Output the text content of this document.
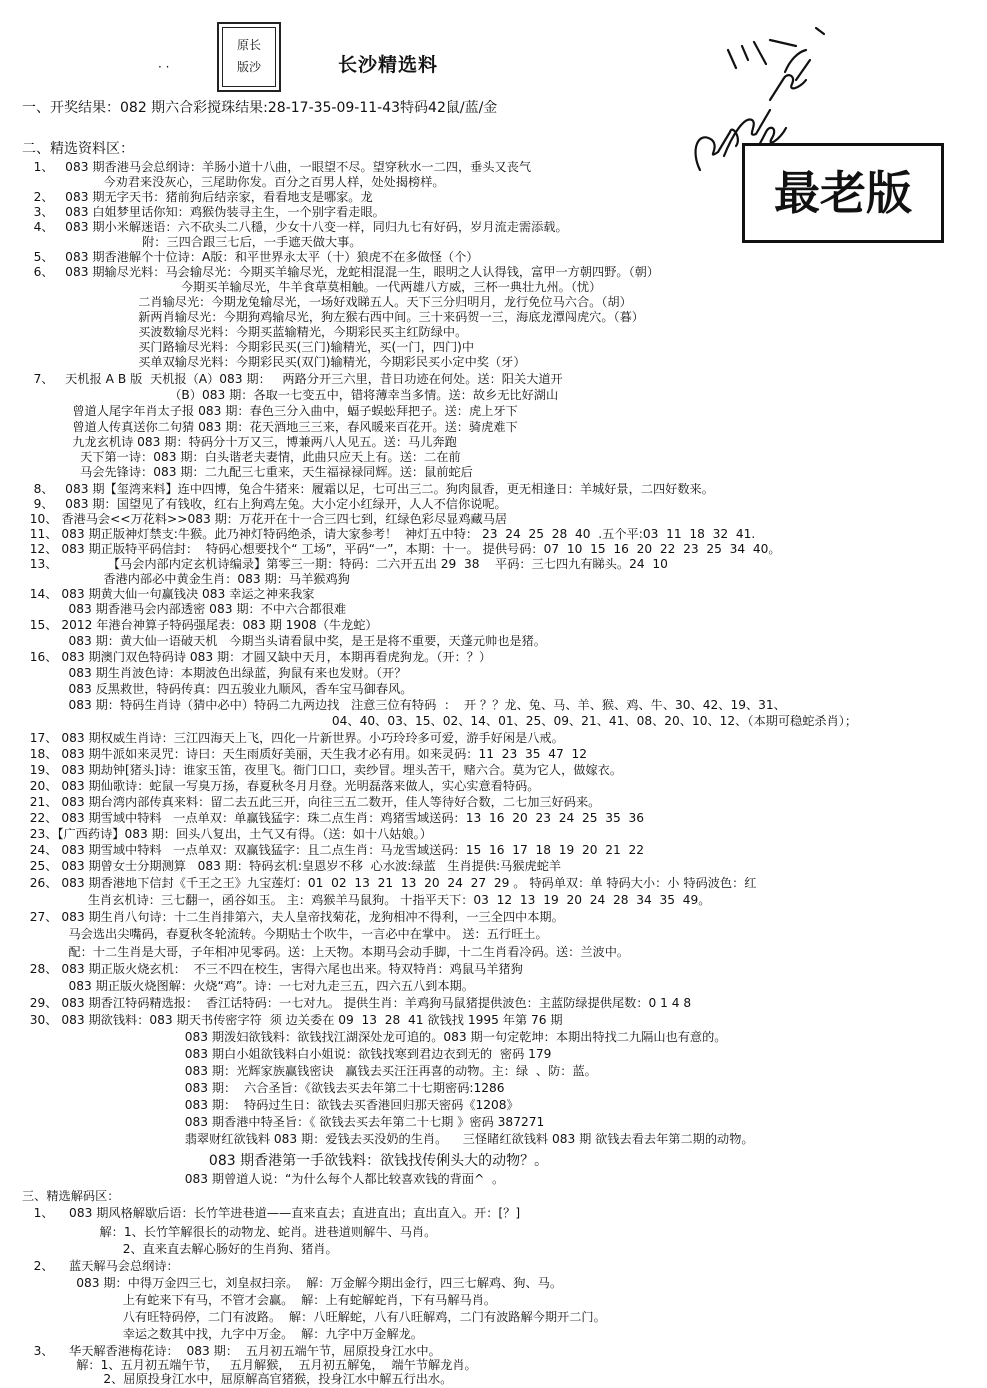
· ·
原长
版沙	长沙精选料
最老版
一、开奖结果：082 期六合彩搅珠结果:28-17-35-09-11-43特码42鼠/蓝/金
二、精选资料区：
1、   083 期香港马会总纲诗：羊肠小道十八曲，一眼望不尽。望穿秋水一二四，垂头又丧气
今劝君来没灰心，三尾助你发。百分之百男人样，处处揭榜样。
2、   083 期无字天书：猪前狗后结亲家，看看地支是哪家。龙
3、   083 白姐梦里话你知：鸡猴伪装寻主生，一个别字看走眼。
4、   083 期小米解迷语：六不砍头二八穩，少女十八变一样，同归九七有好码，岁月流走需添载。
附：三四合跟三七后，一手遮天做大事。
5、   083 期香港解个十位诗：A版：和平世界永太平（十）狼虎不在多做怪（个）
6、   083 期输尽光料：马会输尽光：今期买羊输尽光，龙蛇相混混一生，眼明之人认得钱，富甲一方朝四野。（朝）
今期买羊输尽光，牛羊食草莫相触。一代两雄八方威，三杯一典壮九州。（忧）
二肖输尽光：今期龙兔输尽光，一场好戏睇五人。天下三分归明月，龙行免位马六合。（胡）
新两肖输尽光：今期狗鸡输尽光，狗左猴右西中间。三十来码贺一三，海底龙潭闯虎穴。（暮）
买波数输尽光料：今期买蓝输精光，今期彩民买主红防绿中。
买门路输尽光料：今期彩民买(三门)输精光，买(一门，四门)中
买单双输尽光料：今期彩民买(双门)输精光，今期彩民买小定中奖（牙）
7、   天机报 A B 版  天机报（A）083 期：   两路分开三六里，昔日功迹在何处。送：阳关大道开
（B）083 期：各取一七变五中，错将薄幸当多情。送：故乡无比好湖山
曾道人尾字年肖太子报 083 期：春色三分入曲中，蝠子蜈蚣拜把子。送：虎上牙下
曾道人传真送你二句猜 083 期：花天酒地三三来，春风暖来百花开。送：骑虎难下
九龙玄机诗 083 期：特码分十万又三，博兼两八人见五。送：马儿奔跑
天下第一诗：083 期：白头谐老夫妻情，此曲只应天上有。送：二在前
马会先锋诗：083 期：二九配三七重来，天生福禄禄同辉。送：鼠前蛇后
8、   083 期【玺湾来料】连中四博，兔合牛猪来：履霜以足，七可出三二。狗肉鼠香，更无相逢日：羊城好景，二四好数来。
9、   083 期：国望见了有钱收，红右上狗鸡左兔。大小定小红绿开，人人不信你说呢。
10、 香港马会<<万花料>>083 期：万花开在十一合三四七到，红绿色彩尽显鸡藏马居
11、 083 期正版神灯禁支:牛猴。此乃神灯特码绝杀，请大家参考！  神灯五中特： 23  24  25  28  40  .五个平:03  11  18  32  41.
12、 083 期正版特平码信封：  特码心想要找个“ 工场”，平码“一”，本期：十一。 提供号码：07  10  15  16  20  22  23  25  34  40。
13、             【马会内部内定玄机诗编录】第零三一期：特码：二六开五出 29  38    平码：三七四九有睇头。24  10
香港内部必中黄金生肖：083 期：马羊猴鸡狗
14、 083 期黄大仙一句赢钱决 083 幸运之神来我家
083 期香港马会内部透密 083 期：不中六合都很难
15、 2012 年港台神算子特码强尾表：083 期 1908（牛龙蛇）
083 期：黄大仙一语破天机   今期当头请看鼠中奖，是王是将不重要，天蓬元帅也是猪。
16、 083 期澳门双色特码诗 083 期：才圆又缺中天月，本期再看虎狗龙。（开：？）
083 期生肖波色诗：本期波色出绿蓝，狗鼠有来也发财。（开？
083 反黑救世，特码传真：四五骏业九顺风，香车宝马御春风。
083 期：特码生肖诗（猜中必中）特码二九两边找   注意三位有特码  ：  开 ？？龙、兔、马、羊、猴、鸡、牛、30、42、19、31、
04、40、03、15、02、14、01、25、09、21、41、08、20、10、12、（本期可稳蛇杀肖）；
17、 083 期权威生肖诗：三江四海天上飞，四化一片新世界。小巧玲玲多可爱，游手好闲是八戒。
18、 083 期牛派如来灵咒：诗曰：天生雨质好美丽，天生我才必有用。如来灵码：11  23  35  47  12
19、 083 期劫钟[猪头]诗：谁家玉笛，夜里飞。衙门口口，卖纱冒。埋头苦干，赌六合。莫为它人，做嫁衣。
20、 083 期仙歌诗：蛇鼠一写臭万扬，春夏秋冬月月登。光明磊落来做人，实心实意看特码。
21、 083 期台湾内部传真来料：留二去五此三开，向往三五二数开，佳人等待好合数，二七加三好码来。
22、 083 期雪域中特料   一点单双：单赢钱猛字：珠二点生肖：鸡猪雪域送码：13  16  20  23  24  25  35  36
23、【广西药诗】083 期：回头八复出，土气又有得。（送：如十八姑娘。）
24、 083 期雪域中特料   一点单双：双赢钱猛字：且二点生肖：马龙雪域送码：15  16  17  18  19  20  21  22
25、 083 期曾女士分期测算   083 期：特码玄机:皇恩岁不移  心水波:绿蓝   生肖提供:马猴虎蛇羊
26、 083 期香港地下信封《千王之王》九宝莲灯：01  02  13  21  13  20  24  27  29 。 特码单双：单 特码大小：小 特码波色：红
生肖玄机诗：三七翻一，函谷如玉。 主：鸡猴羊马鼠狗。 十指平天下：03  12  13  19  20  24  28  34  35  49。
27、 083 期生肖八句诗：十二生肖排第六，夫人皇帝找菊花，龙狗相冲不得利，一三全四中本期。
马会选出尖嘴码，春夏秋冬轮流转。今期贴士个吹牛，一言必中在掌中。 送：五行旺土。
配：十二生肖是大哥，子年相冲见零码。送：上天物。本期马会动手脚，十二生肖看冷码。送：兰波中。
28、 083 期正版火烧玄机：  不三不四在校生，害得六尾也出来。特双特肖：鸡鼠马羊猪狗
083 期正版火烧图解：火烧“鸡”。诗：一七对九走三五，四六五八到本期。
29、 083 期香江特码精选报：  香江话特码：一七对九。 提供生肖：羊鸡狗马鼠猪提供波色：主蓝防绿提供尾数：0 1 4 8
30、 083 期欲钱料：083 期天书传密字符  须 边关委在 09  13  28  41 欲钱找 1995 年第 76 期
083 期泼妇欲钱料：欲钱找江湖深处龙可追的。083 期一句定乾坤：本期出特找二九隔山也有意的。
083 期白小姐欲钱料白小姐说：欲钱找寒到君边衣到无的  密码 179
083 期：光辉家族赢钱密诀   赢钱去买汪汪再喜的动物。主：绿  、防：蓝。
083 期：  六合圣旨：《欲钱去买去年第二十七期密码:1286
083 期：  特码过生日：欲钱去买香港回归那天密码《1208》
083 期香港中特圣旨：《 欲钱去买去年第二十七期 》密码 387271
翡翠财红欲钱料 083 期：爱钱去买没奶的生肖。    三怪睹红欲钱料 083 期 欲钱去看去年第二期的动物。
083 期香港第一手欲钱料：欲钱找传俐头大的动物？。
083 期曾道人说：“为什么每个人都比较喜欢钱的背面^  。
三、精选解码区：
1、    083 期风格解歇后语：长竹竿进巷道——直来直去；直进直出；直出直入。开：[？]
解：1、长竹竿解很长的动物龙、蛇肖。进巷道则解牛、马肖。
2、直来直去解心肠好的生肖狗、猪肖。
2、    蓝天解马会总纲诗：
083 期：中得万金四三七，刘皇叔扫亲。  解：万金解今期出金行，四三七解鸡、狗、马。
上有蛇来下有马，不管才会赢。  解：上有蛇解蛇肖，下有马解马肖。
八有旺特码停，二门有波路。  解：八旺解蛇，八有八旺解鸡，二门有波路解今期开二门。
幸运之数其中找，九字中万金。  解：九字中万金解龙。
3、    华天解香港梅花诗：  083 期：  五月初五端午节，屈原投身江水中。
解：1、五月初五端午节，   五月解猴，  五月初五解兔，  端午节解龙肖。
2、屈原投身江水中，屈原解高官猪猴，投身江水中解五行出水。
